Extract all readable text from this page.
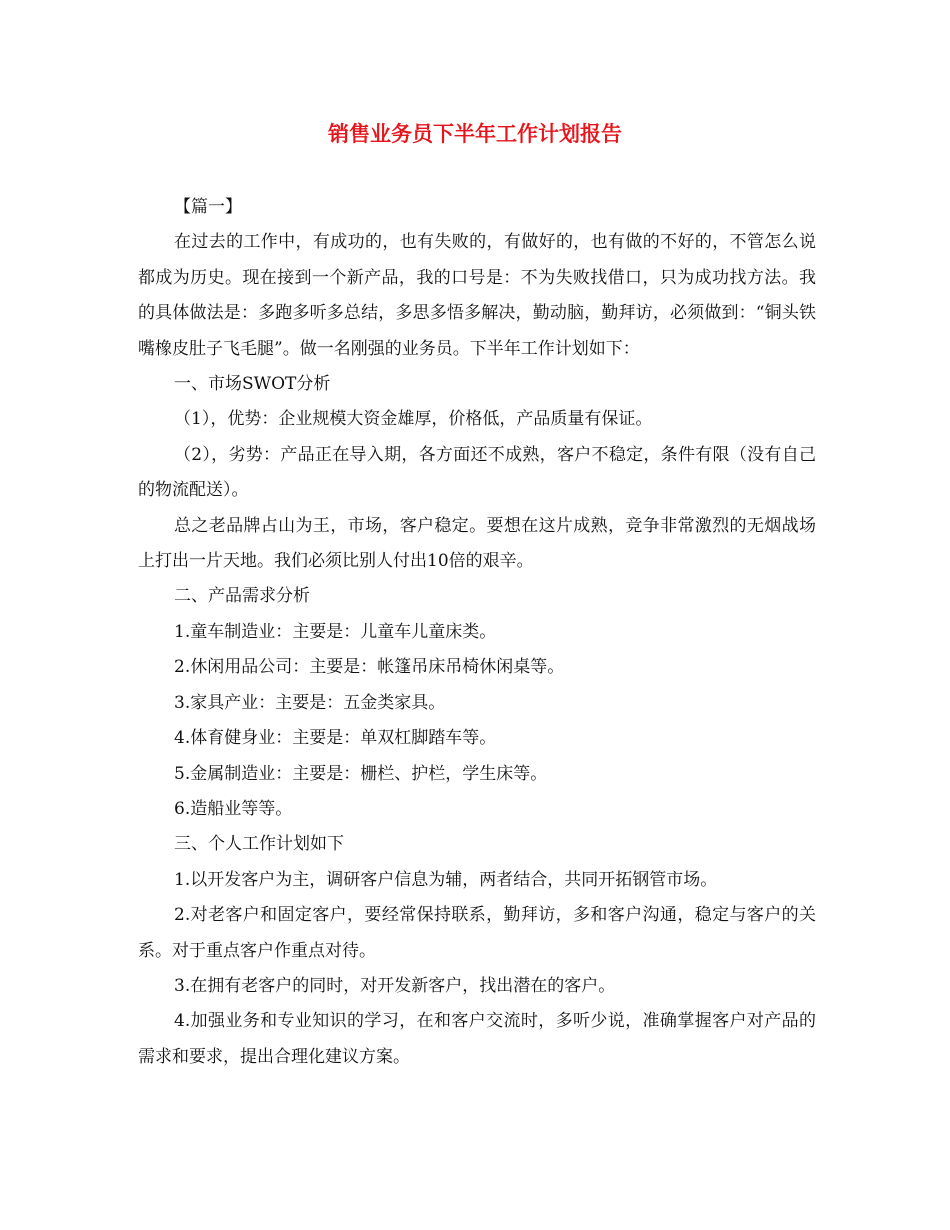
销售业务员下半年工作计划报告

【篇一】

在过去的工作中，有成功的，也有失败的，有做好的，也有做的不好的，不管怎么说都成为历史。现在接到一个新产品，我的口号是：不为失败找借口，只为成功找方法。我的具体做法是：多跑多听多总结，多思多悟多解决，勤动脑，勤拜访，必须做到：“铜头铁嘴橡皮肚子飞毛腿”。做一名刚强的业务员。下半年工作计划如下：

一、市场SWOT分析

（1），优势：企业规模大资金雄厚，价格低，产品质量有保证。

（2），劣势：产品正在导入期，各方面还不成熟，客户不稳定，条件有限（没有自己的物流配送）。

总之老品牌占山为王，市场，客户稳定。要想在这片成熟，竞争非常激烈的无烟战场上打出一片天地。我们必须比别人付出10倍的艰辛。

二、产品需求分析

1.童车制造业：主要是：儿童车儿童床类。

2.休闲用品公司：主要是：帐篷吊床吊椅休闲桌等。

3.家具产业：主要是：五金类家具。

4.体育健身业：主要是：单双杠脚踏车等。

5.金属制造业：主要是：栅栏、护栏，学生床等。

6.造船业等等。

三、个人工作计划如下

1.以开发客户为主，调研客户信息为辅，两者结合，共同开拓钢管市场。

2.对老客户和固定客户，要经常保持联系，勤拜访，多和客户沟通，稳定与客户的关系。对于重点客户作重点对待。

3.在拥有老客户的同时，对开发新客户，找出潜在的客户。

4.加强业务和专业知识的学习，在和客户交流时，多听少说，准确掌握客户对产品的需求和要求，提出合理化建议方案。
